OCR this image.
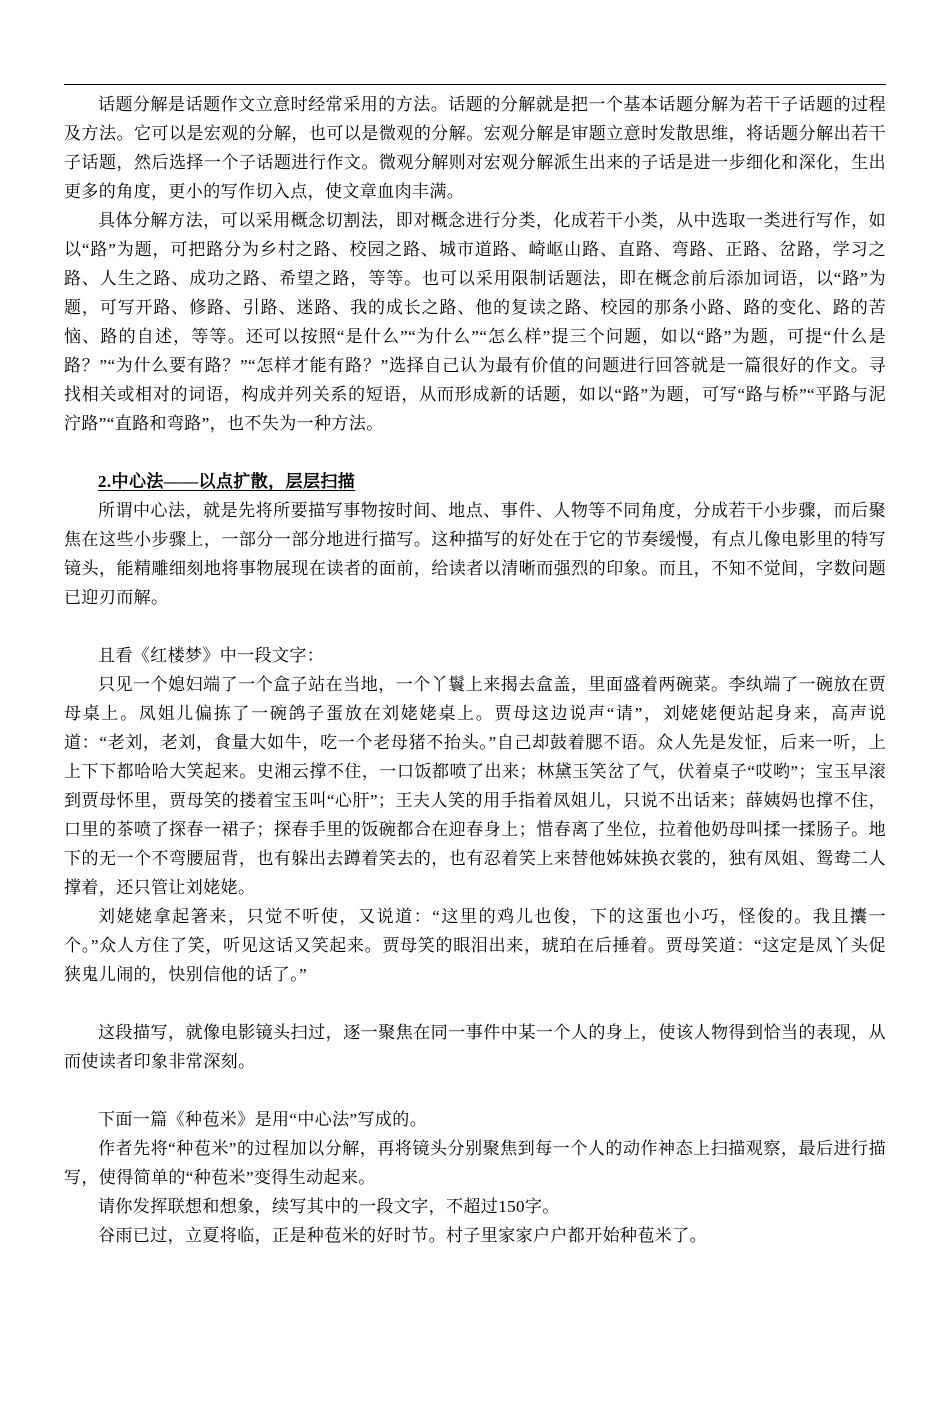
话题分解是话题作文立意时经常采用的方法。话题的分解就是把一个基本话题分解为若干子话题的过程及方法。它可以是宏观的分解，也可以是微观的分解。宏观分解是审题立意时发散思维，将话题分解出若干子话题，然后选择一个子话题进行作文。微观分解则对宏观分解派生出来的子话是进一步细化和深化，生出更多的角度，更小的写作切入点，使文章血肉丰满。
具体分解方法，可以采用概念切割法，即对概念进行分类，化成若干小类，从中选取一类进行写作，如以“路”为题，可把路分为乡村之路、校园之路、城市道路、崎岖山路、直路、弯路、正路、岔路，学习之路、人生之路、成功之路、希望之路，等等。也可以采用限制话题法，即在概念前后添加词语，以“路”为题，可写开路、修路、引路、迷路、我的成长之路、他的复读之路、校园的那条小路、路的变化、路的苦恼、路的自述，等等。还可以按照“是什么”“为什么”“怎么样”提三个问题，如以“路”为题，可提“什么是路？”“为什么要有路？”“怎样才能有路？”选择自己认为最有价值的问题进行回答就是一篇很好的作文。寻找相关或相对的词语，构成并列关系的短语，从而形成新的话题，如以“路”为题，可写“路与桥”“平路与泥泞路”“直路和弯路”，也不失为一种方法。
2.中心法——以点扩散，层层扫描
所谓中心法，就是先将所要描写事物按时间、地点、事件、人物等不同角度，分成若干小步骤，而后聚焦在这些小步骤上，一部分一部分地进行描写。这种描写的好处在于它的节奏缓慢，有点儿像电影里的特写镜头，能精雕细刻地将事物展现在读者的面前，给读者以清晰而强烈的印象。而且，不知不觉间，字数问题已迎刃而解。
且看《红楼梦》中一段文字：
只见一个媳妇端了一个盒子站在当地，一个丫鬟上来揭去盒盖，里面盛着两碗菜。李纨端了一碗放在贾母桌上。凤姐儿偏拣了一碗鸽子蛋放在刘姥姥桌上。贾母这边说声“请”，刘姥姥便站起身来，高声说道：“老刘，老刘，食量大如牛，吃一个老母猪不抬头。”自己却鼓着腮不语。众人先是发怔，后来一听，上上下下都哈哈大笑起来。史湘云撑不住，一口饭都喷了出来；林黛玉笑岔了气，伏着桌子“哎哟”；宝玉早滚到贾母怀里，贾母笑的搂着宝玉叫“心肝”；王夫人笑的用手指着凤姐儿，只说不出话来；薛姨妈也撑不住，口里的茶喷了探春一裙子；探春手里的饭碗都合在迎春身上；惜春离了坐位，拉着他奶母叫揉一揉肠子。地下的无一个不弯腰屈背，也有躲出去蹲着笑去的，也有忍着笑上来替他姊妹换衣裳的，独有凤姐、鸳鸯二人撑着，还只管让刘姥姥。
刘姥姥拿起箸来，只觉不听使，又说道：“这里的鸡儿也俊，下的这蛋也小巧，怪俊的。我且攮一个。”众人方住了笑，听见这话又笑起来。贾母笑的眼泪出来，琥珀在后捶着。贾母笑道：“这定是凤丫头促狭鬼儿闹的，快别信他的话了。”
这段描写，就像电影镜头扫过，逐一聚焦在同一事件中某一个人的身上，使该人物得到恰当的表现，从而使读者印象非常深刻。
下面一篇《种苞米》是用“中心法”写成的。
作者先将“种苞米”的过程加以分解，再将镜头分别聚焦到每一个人的动作神态上扫描观察，最后进行描写，使得简单的“种苞米”变得生动起来。
请你发挥联想和想象，续写其中的一段文字，不超过150字。
谷雨已过，立夏将临，正是种苞米的好时节。村子里家家户户都开始种苞米了。
